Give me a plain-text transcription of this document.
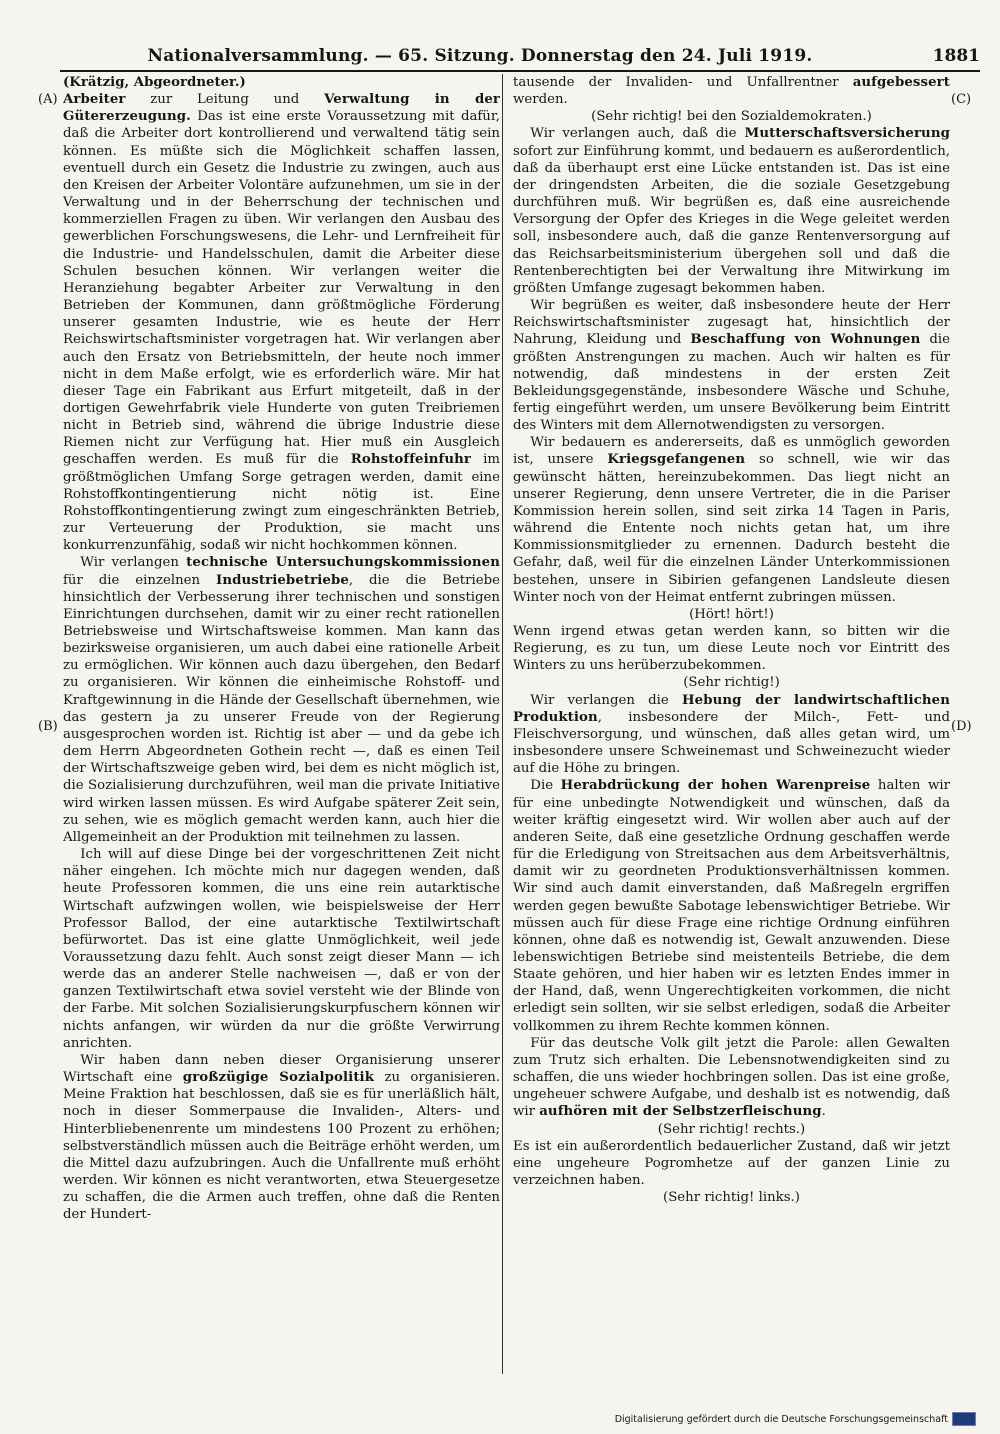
Nationalversammlung. — 65. Sitzung. Donnerstag den 24. Juli 1919.	1881
(A)
(B)
(C)
(D)

(Krätzig, Abgeordneter.)

Arbeiter zur Leitung und Verwaltung in der Gütererzeugung. Das ist eine erste Voraussetzung mit dafür, daß die Arbeiter dort kontrollierend und verwaltend tätig sein können. Es müßte sich die Möglichkeit schaffen lassen, eventuell durch ein Gesetz die Industrie zu zwingen, auch aus den Kreisen der Arbeiter Volontäre aufzunehmen, um sie in der Verwaltung und in der Beherrschung der technischen und kommerziellen Fragen zu üben. Wir verlangen den Ausbau des gewerblichen Forschungswesens, die Lehr- und Lernfreiheit für die Industrie- und Handelsschulen, damit die Arbeiter diese Schulen besuchen können. Wir verlangen weiter die Heranziehung begabter Arbeiter zur Verwaltung in den Betrieben der Kommunen, dann größtmögliche Förderung unserer gesamten Industrie, wie es heute der Herr Reichswirtschaftsminister vorgetragen hat. Wir verlangen aber auch den Ersatz von Betriebsmitteln, der heute noch immer nicht in dem Maße erfolgt, wie es erforderlich wäre. Mir hat dieser Tage ein Fabrikant aus Erfurt mitgeteilt, daß in der dortigen Gewehrfabrik viele Hunderte von guten Treibriemen nicht in Betrieb sind, während die übrige Industrie diese Riemen nicht zur Verfügung hat. Hier muß ein Ausgleich geschaffen werden. Es muß für die Rohstoffeinfuhr im größtmöglichen Umfang Sorge getragen werden, damit eine Rohstoffkontingentierung nicht nötig ist. Eine Rohstoffkontingentierung zwingt zum eingeschränkten Betrieb, zur Verteuerung der Produktion, sie macht uns konkurrenzunfähig, sodaß wir nicht hochkommen können.

Wir verlangen technische Untersuchungskommissionen für die einzelnen Industriebetriebe, die die Betriebe hinsichtlich der Verbesserung ihrer technischen und sonstigen Einrichtungen durchsehen, damit wir zu einer recht rationellen Betriebsweise und Wirtschaftsweise kommen. Man kann das bezirksweise organisieren, um auch dabei eine rationelle Arbeit zu ermöglichen. Wir können auch dazu übergehen, den Bedarf zu organisieren. Wir können die einheimische Rohstoff- und Kraftgewinnung in die Hände der Gesellschaft übernehmen, wie das gestern ja zu unserer Freude von der Regierung ausgesprochen worden ist. Richtig ist aber — und da gebe ich dem Herrn Abgeordneten Gothein recht —, daß es einen Teil der Wirtschaftszweige geben wird, bei dem es nicht möglich ist, die Sozialisierung durchzuführen, weil man die private Initiative wird wirken lassen müssen. Es wird Aufgabe späterer Zeit sein, zu sehen, wie es möglich gemacht werden kann, auch hier die Allgemeinheit an der Produktion mit teilnehmen zu lassen.

Ich will auf diese Dinge bei der vorgeschrittenen Zeit nicht näher eingehen. Ich möchte mich nur dagegen wenden, daß heute Professoren kommen, die uns eine rein autarktische Wirtschaft aufzwingen wollen, wie beispielsweise der Herr Professor Ballod, der eine autarktische Textilwirtschaft befürwortet. Das ist eine glatte Unmöglichkeit, weil jede Voraussetzung dazu fehlt. Auch sonst zeigt dieser Mann — ich werde das an anderer Stelle nachweisen —, daß er von der ganzen Textilwirtschaft etwa soviel versteht wie der Blinde von der Farbe. Mit solchen Sozialisierungskurpfuschern können wir nichts anfangen, wir würden da nur die größte Verwirrung anrichten.

Wir haben dann neben dieser Organisierung unserer Wirtschaft eine großzügige Sozialpolitik zu organisieren. Meine Fraktion hat beschlossen, daß sie es für unerläßlich hält, noch in dieser Sommerpause die Invaliden-, Alters- und Hinterbliebenenrente um mindestens 100 Prozent zu erhöhen; selbstverständlich müssen auch die Beiträge erhöht werden, um die Mittel dazu aufzubringen. Auch die Unfallrente muß erhöht werden. Wir können es nicht verantworten, etwa Steuergesetze zu schaffen, die die Armen auch treffen, ohne daß die Renten der Hundert-

tausende der Invaliden- und Unfallrentner aufgebessert werden.

(Sehr richtig! bei den Sozialdemokraten.)

Wir verlangen auch, daß die Mutterschaftsversicherung sofort zur Einführung kommt, und bedauern es außerordentlich, daß da überhaupt erst eine Lücke entstanden ist. Das ist eine der dringendsten Arbeiten, die die soziale Gesetzgebung durchführen muß. Wir begrüßen es, daß eine ausreichende Versorgung der Opfer des Krieges in die Wege geleitet werden soll, insbesondere auch, daß die ganze Rentenversorgung auf das Reichsarbeitsministerium übergehen soll und daß die Rentenberechtigten bei der Verwaltung ihre Mitwirkung im größten Umfange zugesagt bekommen haben.

Wir begrüßen es weiter, daß insbesondere heute der Herr Reichswirtschaftsminister zugesagt hat, hinsichtlich der Nahrung, Kleidung und Beschaffung von Wohnungen die größten Anstrengungen zu machen. Auch wir halten es für notwendig, daß mindestens in der ersten Zeit Bekleidungsgegenstände, insbesondere Wäsche und Schuhe, fertig eingeführt werden, um unsere Bevölkerung beim Eintritt des Winters mit dem Allernotwendigsten zu versorgen.

Wir bedauern es andererseits, daß es unmöglich geworden ist, unsere Kriegsgefangenen so schnell, wie wir das gewünscht hätten, hereinzubekommen. Das liegt nicht an unserer Regierung, denn unsere Vertreter, die in die Pariser Kommission herein sollen, sind seit zirka 14 Tagen in Paris, während die Entente noch nichts getan hat, um ihre Kommissionsmitglieder zu ernennen. Dadurch besteht die Gefahr, daß, weil für die einzelnen Länder Unterkommissionen bestehen, unsere in Sibirien gefangenen Landsleute diesen Winter noch von der Heimat entfernt zubringen müssen.

(Hört! hört!)

Wenn irgend etwas getan werden kann, so bitten wir die Regierung, es zu tun, um diese Leute noch vor Eintritt des Winters zu uns herüberzubekommen.

(Sehr richtig!)

Wir verlangen die Hebung der landwirtschaftlichen Produktion, insbesondere der Milch-, Fett- und Fleischversorgung, und wünschen, daß alles getan wird, um insbesondere unsere Schweinemast und Schweinezucht wieder auf die Höhe zu bringen.

Die Herabdrückung der hohen Warenpreise halten wir für eine unbedingte Notwendigkeit und wünschen, daß da weiter kräftig eingesetzt wird. Wir wollen aber auch auf der anderen Seite, daß eine gesetzliche Ordnung geschaffen werde für die Erledigung von Streitsachen aus dem Arbeitsverhältnis, damit wir zu geordneten Produktionsverhältnissen kommen. Wir sind auch damit einverstanden, daß Maßregeln ergriffen werden gegen bewußte Sabotage lebenswichtiger Betriebe. Wir müssen auch für diese Frage eine richtige Ordnung einführen können, ohne daß es notwendig ist, Gewalt anzuwenden. Diese lebenswichtigen Betriebe sind meistenteils Betriebe, die dem Staate gehören, und hier haben wir es letzten Endes immer in der Hand, daß, wenn Ungerechtigkeiten vorkommen, die nicht erledigt sein sollten, wir sie selbst erledigen, sodaß die Arbeiter vollkommen zu ihrem Rechte kommen können.

Für das deutsche Volk gilt jetzt die Parole: allen Gewalten zum Trutz sich erhalten. Die Lebensnotwendigkeiten sind zu schaffen, die uns wieder hochbringen sollen. Das ist eine große, ungeheuer schwere Aufgabe, und deshalb ist es notwendig, daß wir aufhören mit der Selbstzerfleischung.

(Sehr richtig! rechts.)

Es ist ein außerordentlich bedauerlicher Zustand, daß wir jetzt eine ungeheure Pogromhetze auf der ganzen Linie zu verzeichnen haben.

(Sehr richtig! links.)

Digitalisierung gefördert durch die Deutsche Forschungsgemeinschaft
